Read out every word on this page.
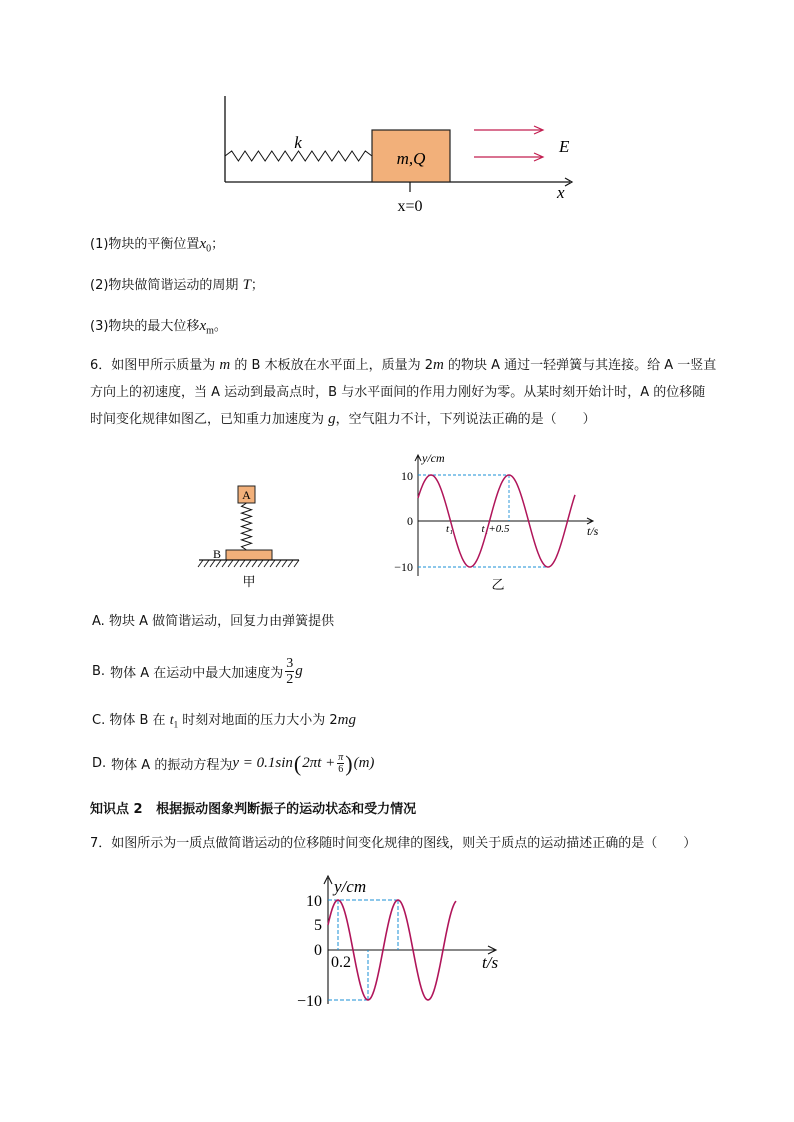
m,Q
k	E
x
x=0
(1)物块的平衡位置$x_0$；
(2)物块做简谐运动的周期 T；
(3)物块的最大位移$x_m$。
6．如图甲所示质量为 m 的 B 木板放在水平面上，质量为 2m 的物块 A 通过一轻弹簧与其连接。给 A 一竖直
方向上的初速度，当 A 运动到最高点时，B 与水平面间的作用力刚好为零。从某时刻开始计时，A 的位移随
时间变化规律如图乙，已知重力加速度为 g，空气阻力不计，下列说法正确的是（　　）
A
B
甲
y/cm
t/s
10
0
−10
t₁	t₁+0.5
乙
A. 物块 A 做简谐运动，回复力由弹簧提供
B. 物体 A 在运动中最大加速度为 $\frac{3}{2}$ g
C. 物体 B 在 $t_1$ 时刻对地面的压力大小为 2mg
D. 物体 A 的振动方程为 y = 0.1sin ( $2\pi t + \frac{\pi}{6}$ ) (m)
知识点 2 根据振动图象判断振子的运动状态和受力情况
7．如图所示为一质点做简谐运动的位移随时间变化规律的图线，则关于质点的运动描述正确的是（　　）
y/cm
t/s
10
5
0
−10
0.2
